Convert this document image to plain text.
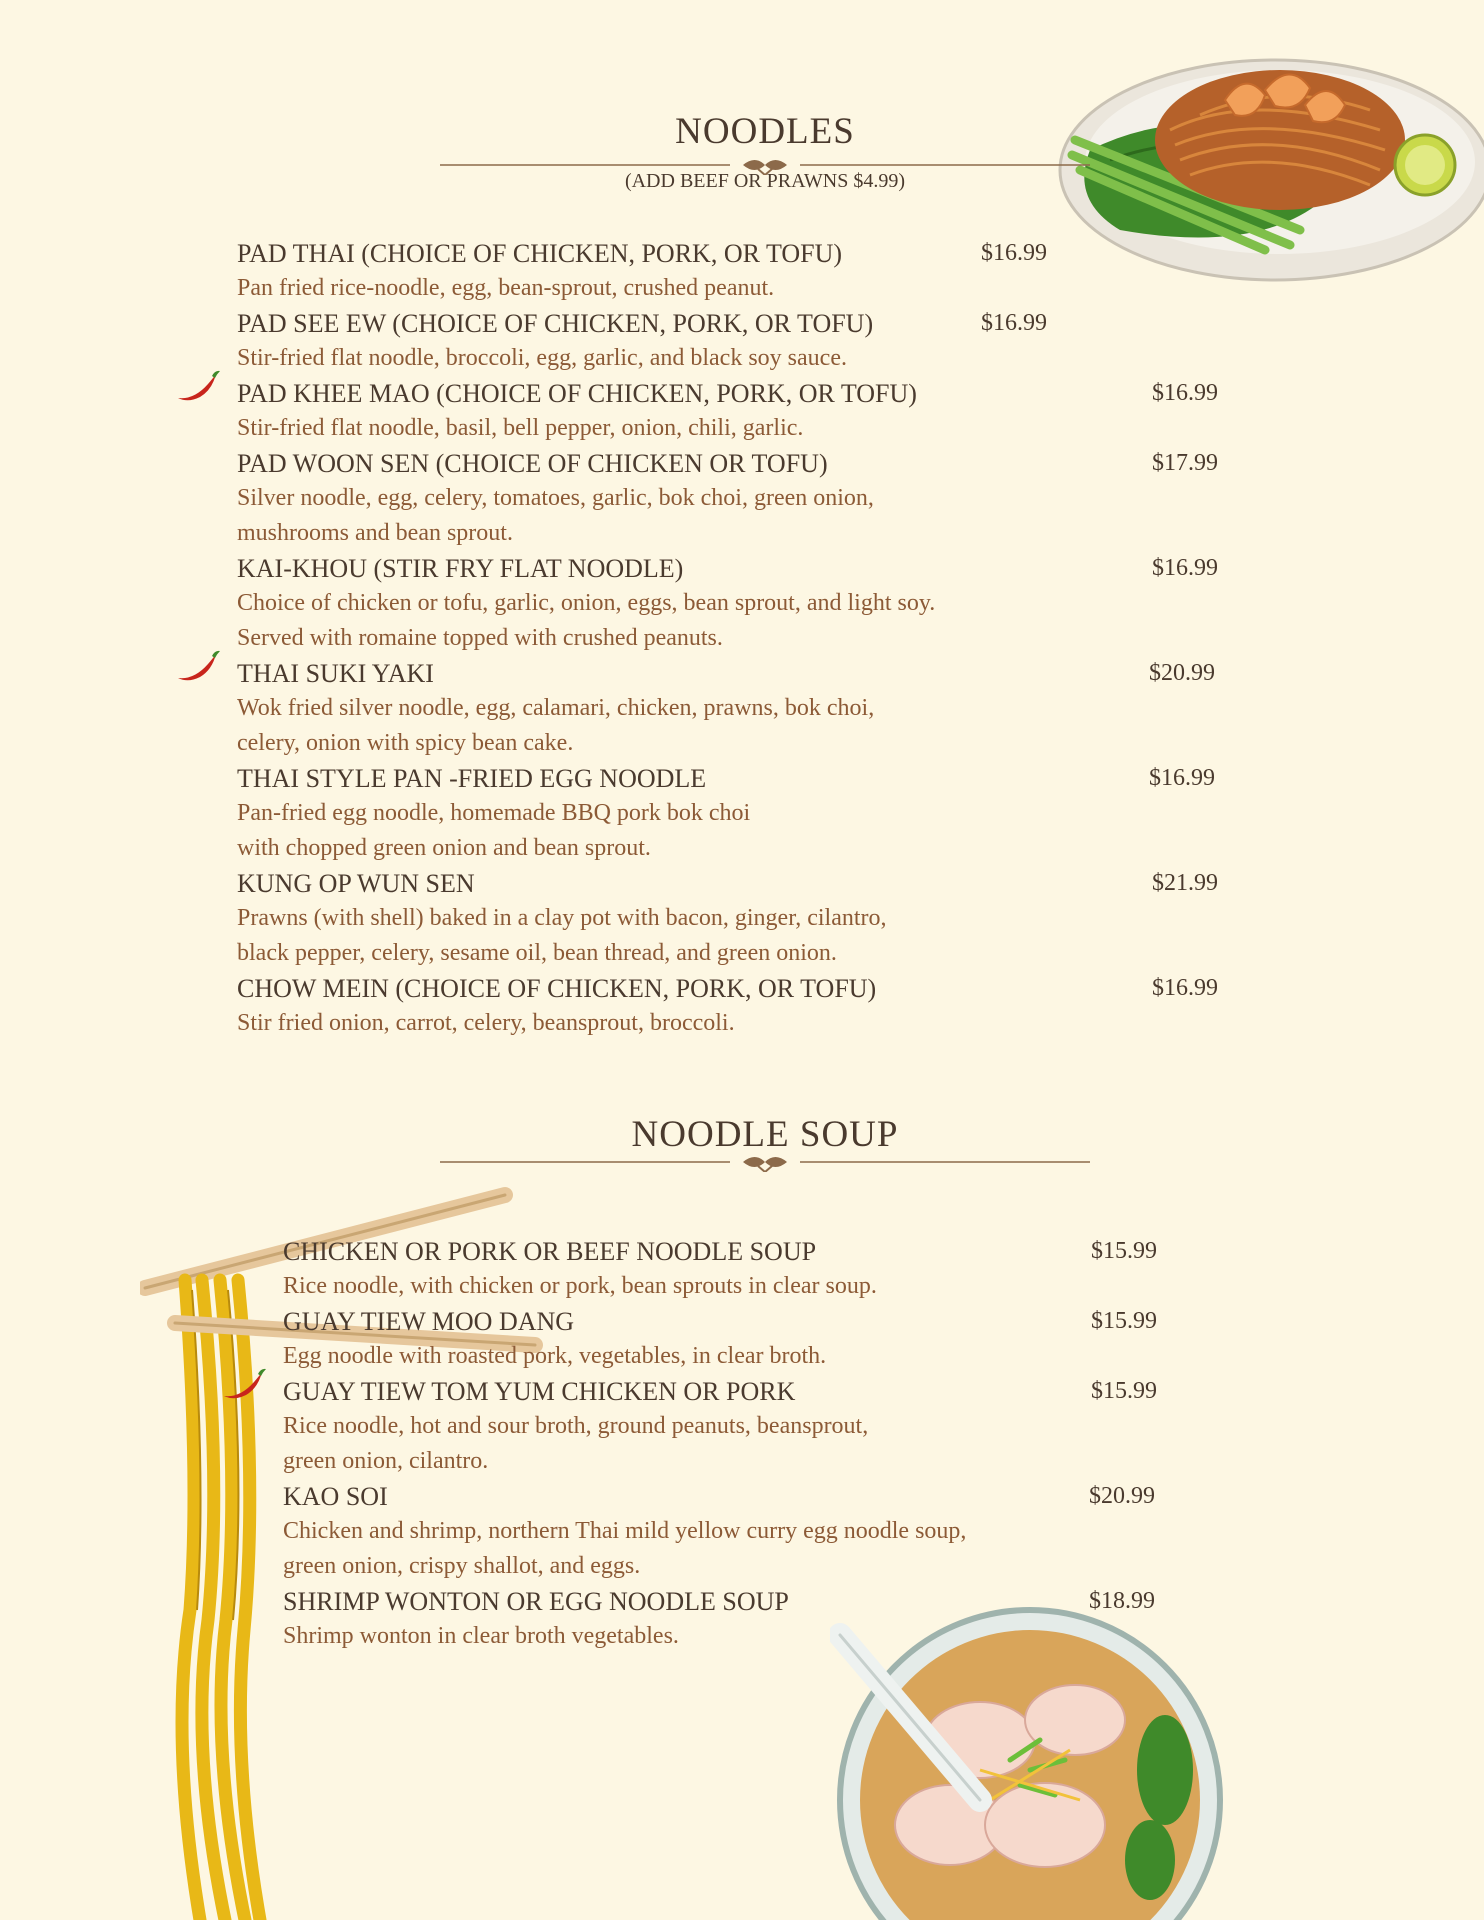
NOODLES
(ADD BEEF OR PRAWNS $4.99)
PAD THAI (CHOICE OF CHICKEN, PORK, OR TOFU)
Pan fried rice-noodle, egg, bean-sprout, crushed peanut.
$16.99
PAD SEE EW (CHOICE OF CHICKEN, PORK, OR TOFU)
Stir-fried flat noodle, broccoli, egg, garlic, and black soy sauce.
$16.99
PAD KHEE MAO (CHOICE OF CHICKEN, PORK, OR TOFU)
Stir-fried flat noodle, basil, bell pepper, onion, chili, garlic.
$16.99
PAD WOON SEN (CHOICE OF CHICKEN OR TOFU)
Silver noodle, egg, celery, tomatoes, garlic, bok choi, green onion,
mushrooms and bean sprout.
$17.99
KAI-KHOU (STIR FRY FLAT NOODLE)
Choice of chicken or tofu, garlic, onion, eggs, bean sprout, and light soy.
Served with romaine topped with crushed peanuts.
$16.99
THAI SUKI YAKI
Wok fried silver noodle, egg, calamari, chicken, prawns, bok choi,
celery, onion with spicy bean cake.
$20.99
THAI STYLE PAN -FRIED EGG NOODLE
Pan-fried egg noodle, homemade BBQ pork bok choi
with chopped green onion and bean sprout.
$16.99
KUNG OP WUN SEN
Prawns (with shell) baked in a clay pot with bacon, ginger, cilantro,
black pepper, celery, sesame oil, bean thread, and green onion.
$21.99
CHOW MEIN (CHOICE OF CHICKEN, PORK, OR TOFU)
Stir fried onion, carrot, celery, beansprout, broccoli.
$16.99
NOODLE SOUP
CHICKEN OR PORK OR BEEF NOODLE SOUP
Rice noodle, with chicken or pork, bean sprouts in clear soup.
$15.99
GUAY TIEW MOO DANG
Egg noodle with roasted pork, vegetables, in clear broth.
$15.99
GUAY TIEW TOM YUM CHICKEN OR PORK
Rice noodle, hot and sour broth, ground peanuts, beansprout,
green onion, cilantro.
$15.99
KAO SOI
Chicken and shrimp, northern Thai mild yellow curry egg noodle soup,
green onion, crispy shallot, and eggs.
$20.99
SHRIMP WONTON OR EGG NOODLE SOUP
Shrimp wonton in clear broth vegetables.
$18.99
